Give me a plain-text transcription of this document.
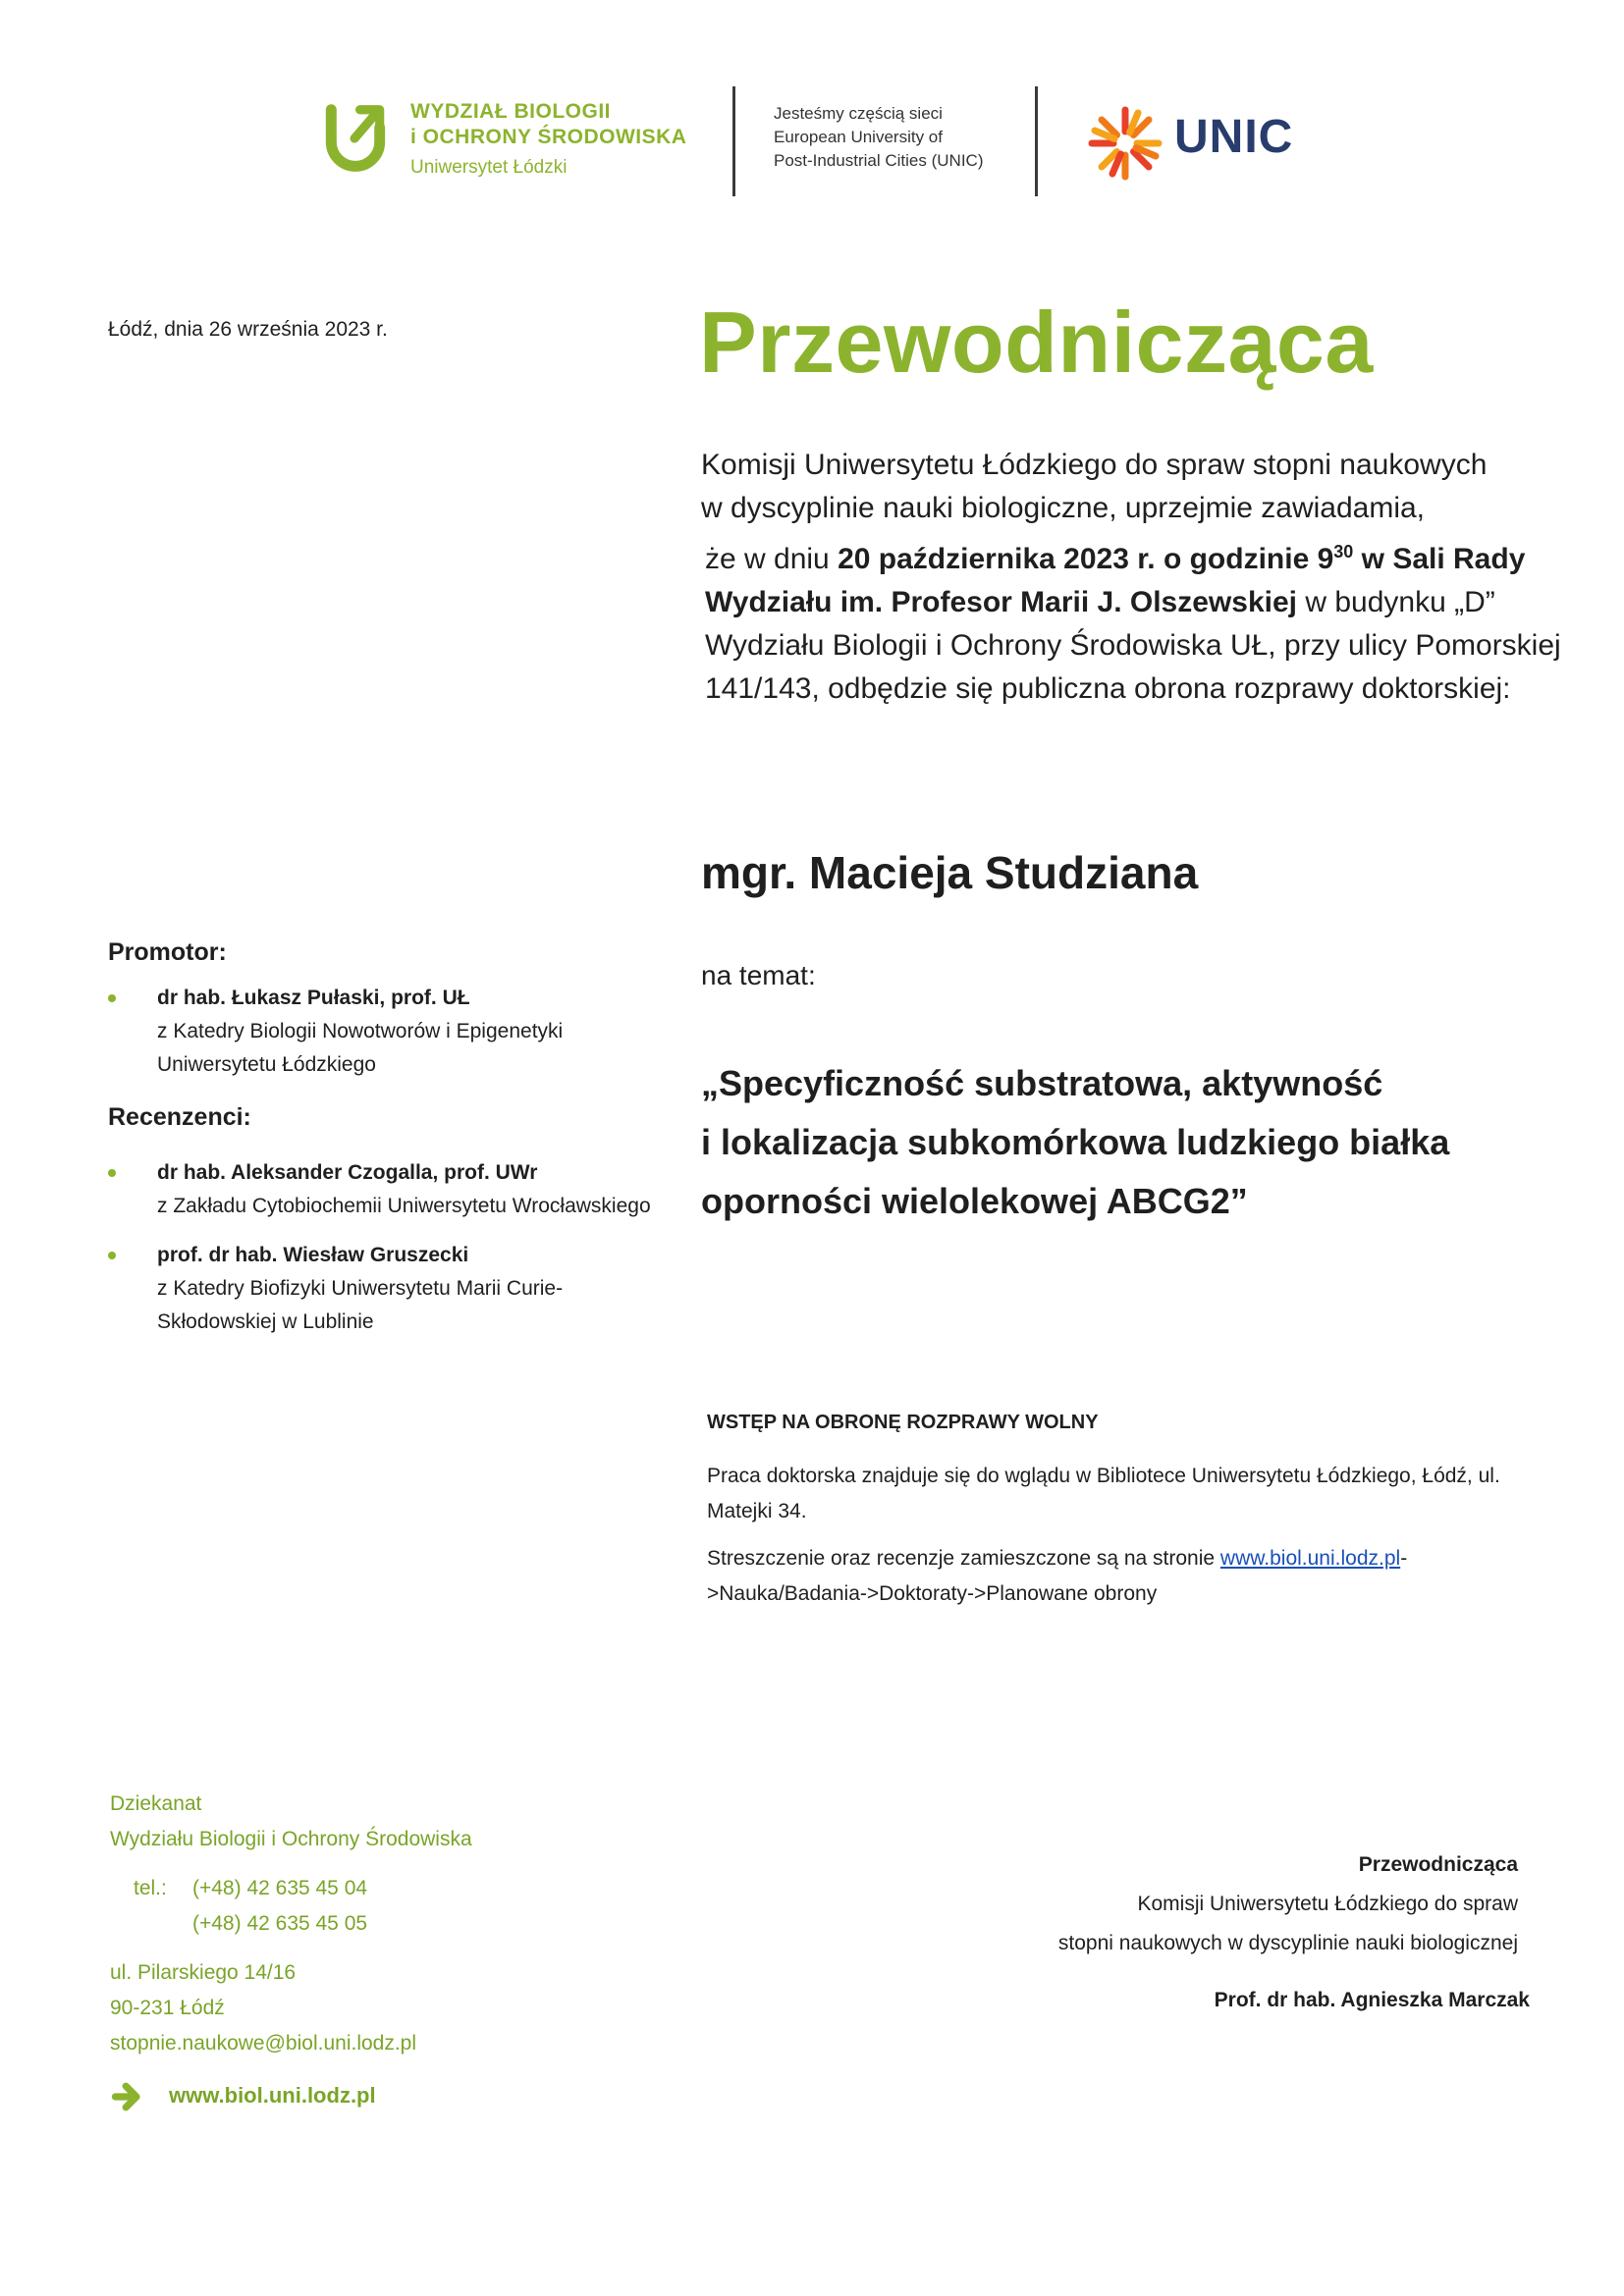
WYDZIAŁ BIOLOGII
i OCHRONY ŚRODOWISKA
Uniwersytet Łódzki
Jesteśmy częścią sieci
European University of
Post-Industrial Cities (UNIC)	UNIC
Łódź, dnia 26 września 2023 r.	Przewodnicząca

Komisji Uniwersytetu Łódzkiego do spraw stopni naukowych

w dyscyplinie nauki biologiczne, uprzejmie zawiadamia,

że w dniu 20 października 2023 r. o godzinie $9^{30}$ w Sali Rady Wydziału im. Profesor Marii J. Olszewskiej w budynku „D” Wydziału Biologii i Ochrony Środowiska UŁ, przy ulicy Pomorskiej 141/143, odbędzie się publiczna obrona rozprawy doktorskiej:

mgr. Macieja Studziana
na temat:
„Specyficzność substratowa, aktywność
i lokalizacja subkomórkowa ludzkiego białka
oporności wielolekowej ABCG2”
Promotor:
dr hab. Łukasz Pułaski, prof. UŁ
z Katedry Biologii Nowotworów i Epigenetyki Uniwersytetu Łódzkiego
Recenzenci:
dr hab. Aleksander Czogalla, prof. UWr
z Zakładu Cytobiochemii Uniwersytetu Wrocławskiego
prof. dr hab. Wiesław Gruszecki
z Katedry Biofizyki Uniwersytetu Marii Curie-Skłodowskiej w Lublinie
WSTĘP NA OBRONĘ ROZPRAWY WOLNY
Praca doktorska znajduje się do wglądu w Bibliotece Uniwersytetu Łódzkiego, Łódź, ul. Matejki 34.
Streszczenie oraz recenzje zamieszczone są na stronie www.biol.uni.lodz.pl->Nauka/Badania->Doktoraty->Planowane obrony
Dziekanat
Wydziału Biologii i Ochrony Środowiska
tel.: (+48) 42 635 45 04
(+48) 42 635 45 05
ul. Pilarskiego 14/16
90-231 Łódź
stopnie.naukowe@biol.uni.lodz.pl
www.biol.uni.lodz.pl
Przewodnicząca
Komisji Uniwersytetu Łódzkiego do spraw
stopni naukowych w dyscyplinie nauki biologicznej
Prof. dr hab. Agnieszka Marczak
